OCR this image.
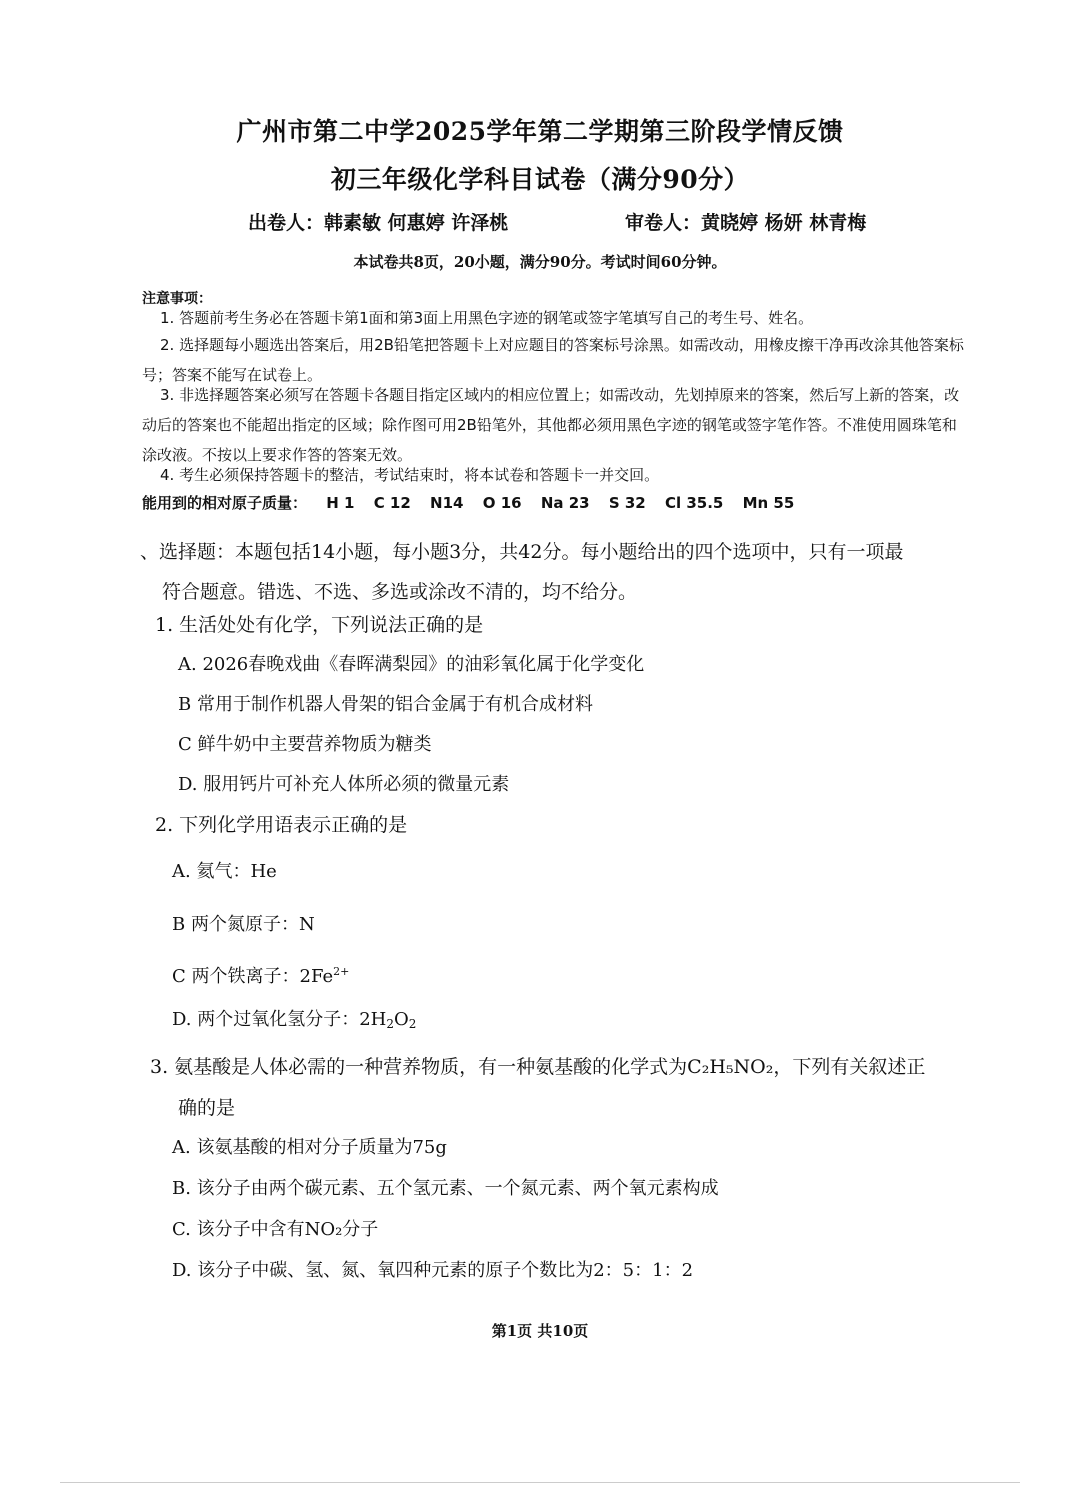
广州市第二中学2025学年第二学期第三阶段学情反馈
初三年级化学科目试卷（满分90分）
出卷人：韩素敏 何惠婷 许泽桃	审卷人：黄晓婷 杨妍 林青梅
本试卷共8页，20小题，满分90分。考试时间60分钟。
注意事项：
1. 答题前考生务必在答题卡第1面和第3面上用黑色字迹的钢笔或签字笔填写自己的考生号、姓名。
2. 选择题每小题选出答案后，用2B铅笔把答题卡上对应题目的答案标号涂黑。如需改动，用橡皮擦干净再改涂其他答案标号；答案不能写在试卷上。
3. 非选择题答案必须写在答题卡各题目指定区域内的相应位置上；如需改动，先划掉原来的答案，然后写上新的答案，改动后的答案也不能超出指定的区域；除作图可用2B铅笔外，其他都必须用黑色字迹的钢笔或签字笔作答。不准使用圆珠笔和涂改液。不按以上要求作答的答案无效。
4. 考生必须保持答题卡的整洁，考试结束时，将本试卷和答题卡一并交回。
能用到的相对原子质量： H 1 C 12 N14 O 16 Na 23 S 32 Cl 35.5 Mn 55
、选择题：本题包括14小题，每小题3分，共42分。每小题给出的四个选项中，只有一项最
符合题意。错选、不选、多选或涂改不清的，均不给分。
1. 生活处处有化学，下列说法正确的是
A. 2026春晚戏曲《春晖满梨园》的油彩氧化属于化学变化
B 常用于制作机器人骨架的铝合金属于有机合成材料
C 鲜牛奶中主要营养物质为糖类
D. 服用钙片可补充人体所必须的微量元素
2. 下列化学用语表示正确的是
A. 氦气：He
B 两个氮原子：N
C 两个铁离子：$2Fe^{2+}$
D. 两个过氧化氢分子：$2H_2O_2$
3. 氨基酸是人体必需的一种营养物质，有一种氨基酸的化学式为C₂H₅NO₂，下列有关叙述正
确的是
A. 该氨基酸的相对分子质量为75g
B. 该分子由两个碳元素、五个氢元素、一个氮元素、两个氧元素构成
C. 该分子中含有NO₂分子
D. 该分子中碳、氢、氮、氧四种元素的原子个数比为2：5：1：2
第1页 共10页
